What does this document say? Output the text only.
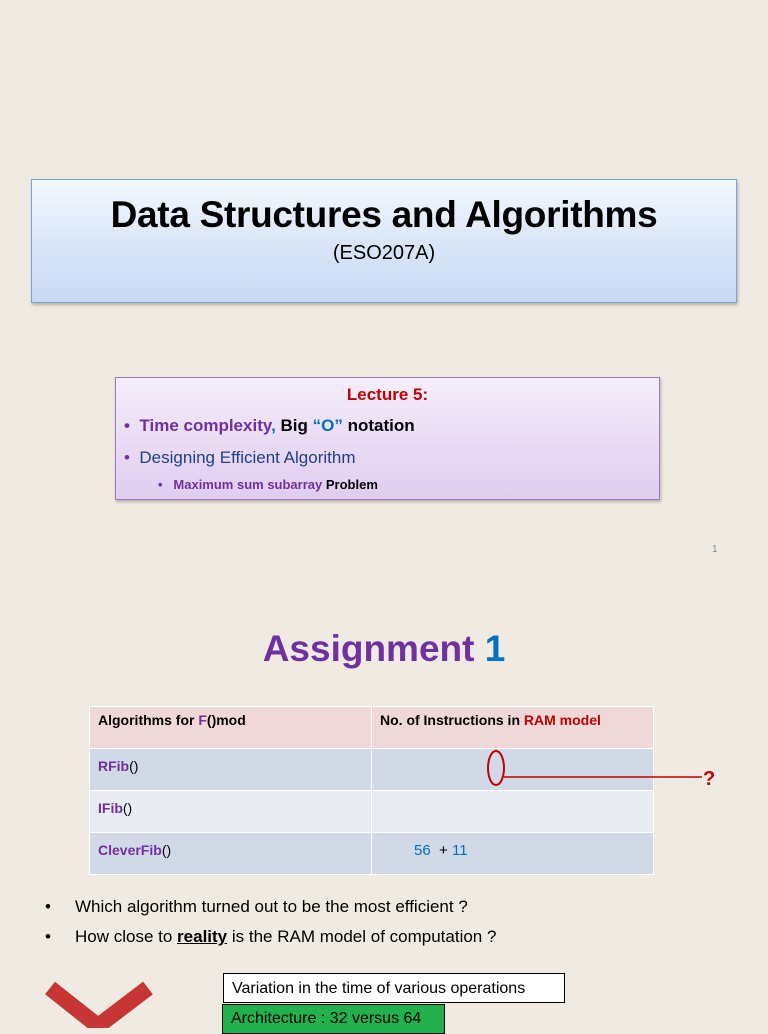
Data Structures and Algorithms
(ESO207A)
Lecture 5:
• Time complexity, Big “O” notation
• Designing Efficient Algorithm
• Maximum sum subarray Problem
1
Assignment 1
Algorithms for F()mod	No. of Instructions in RAM model
RFib()	
IFib()	
CleverFib()	56 + 11
?
• Which algorithm turned out to be the most efficient ?
• How close to reality is the RAM model of computation ?
Variation in the time of various operations
Architecture : 32 versus 64
